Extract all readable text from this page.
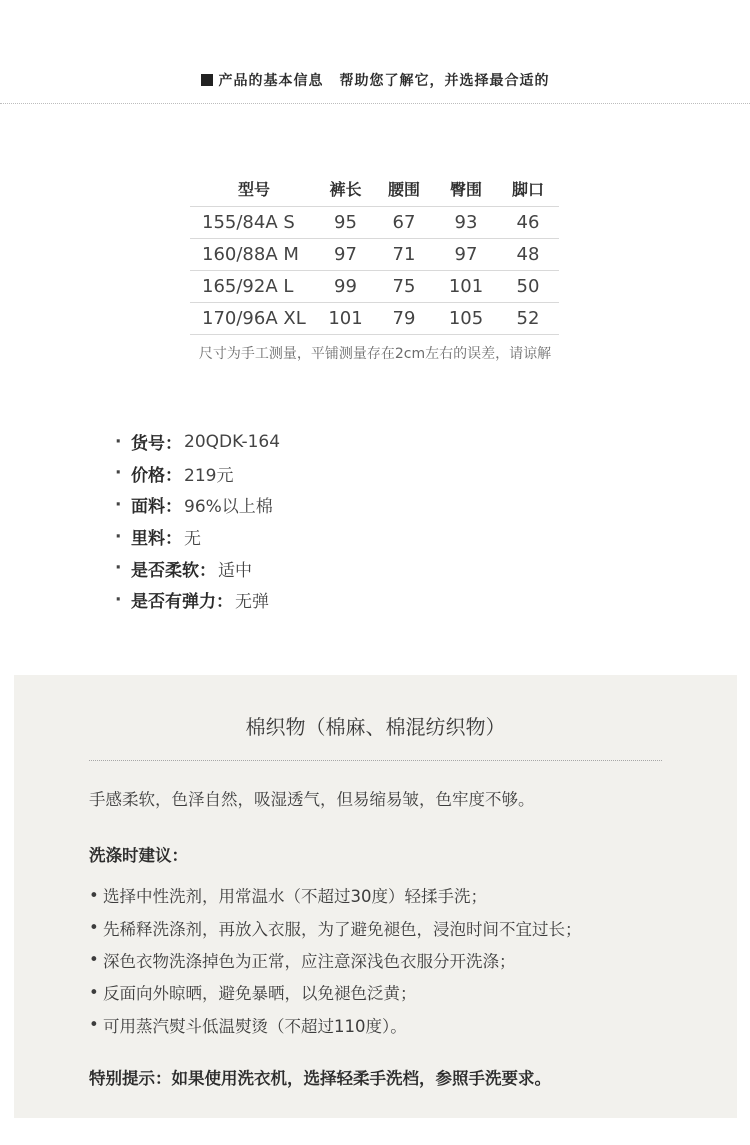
产品的基本信息 帮助您了解它，并选择最合适的
型号	裤长	腰围	臀围	脚口
155/84A S	95	67	93	46
160/88A M	97	71	97	48
165/92A L	99	75	101	50
170/96A XL	101	79	105	52
尺寸为手工测量，平铺测量存在2cm左右的误差，请谅解
· 货号： 20QDK-164
· 价格： 219元
· 面料： 96%以上棉
· 里料： 无
· 是否柔软： 适中
· 是否有弹力： 无弹
棉织物（棉麻、棉混纺织物）
手感柔软，色泽自然，吸湿透气，但易缩易皱，色牢度不够。
洗涤时建议：
• 选择中性洗剂，用常温水（不超过30度）轻揉手洗；
• 先稀释洗涤剂，再放入衣服，为了避免褪色，浸泡时间不宜过长；
• 深色衣物洗涤掉色为正常，应注意深浅色衣服分开洗涤；
• 反面向外晾晒，避免暴晒，以免褪色泛黄；
• 可用蒸汽熨斗低温熨烫（不超过110度）。
特别提示：如果使用洗衣机，选择轻柔手洗档，参照手洗要求。
